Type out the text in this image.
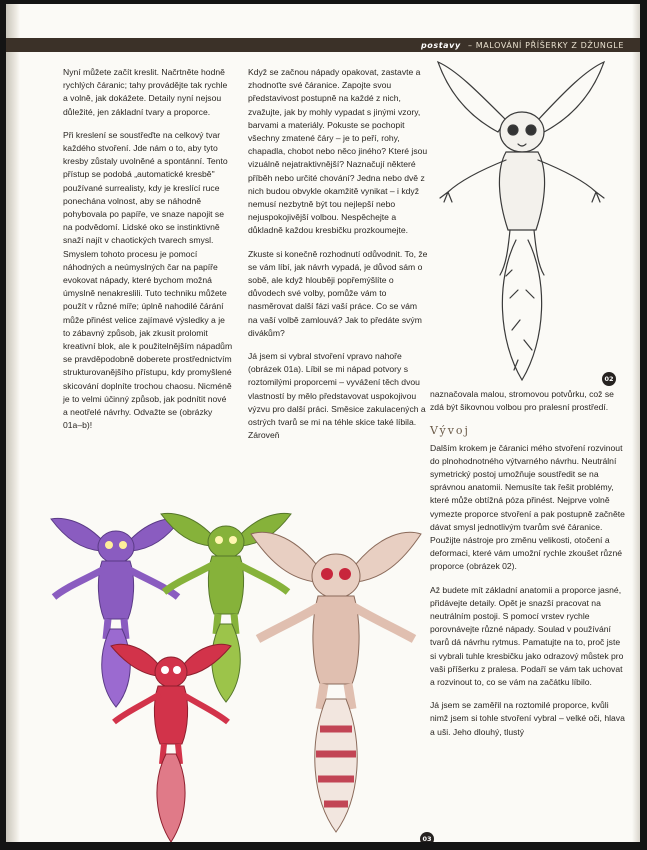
postavy – MALOVÁNÍ PŘÍŠERKY Z DŽUNGLE

Nyní můžete začít kreslit. Načrtněte hodně rychlých čáranic; tahy provádějte tak rychle a volně, jak dokážete. Detaily nyní nejsou důležité, jen základní tvary a proporce.

Při kreslení se soustřeďte na celkový tvar každého stvoření. Jde nám o to, aby tyto kresby zůstaly uvolněné a spontánní. Tento přístup se podobá „automatické kresbě" používané surrealisty, kdy je kreslící ruce ponechána volnost, aby se náhodně pohybovala po papíře, ve snaze napojit se na podvědomí. Lidské oko se instinktivně snaží najít v chaotických tvarech smysl. Smyslem tohoto procesu je pomocí náhodných a neúmyslných čar na papíře evokovat nápady, které bychom možná úmyslně nenakreslili. Tuto techniku můžete použít v různé míře; úplně nahodilé čárání může přinést velice zajímavé výsledky a je to zábavný způsob, jak zkusit prolomit kreativní blok, ale k použitelnějším nápadům se pravděpodobně doberete prostřednictvím strukturovanějšího přístupu, kdy promyšlené skicování doplníte trochou chaosu. Nicméně je to velmi účinný způsob, jak podnítit nové a neotřelé návrhy. Odvažte se (obrázky 01a–b)!

Když se začnou nápady opakovat, zastavte a zhodnoťte své čáranice. Zapojte svou představivost postupně na každé z nich, zvažujte, jak by mohly vypadat s jinými vzory, barvami a materiály. Pokuste se pochopit všechny zmatené čáry – je to peří, rohy, chapadla, chobot nebo něco jiného? Které jsou vizuálně nejatraktivnější? Naznačují některé příběh nebo určité chování? Jedna nebo dvě z nich budou obvykle okamžitě vynikat – i když nemusí nezbytně být tou nejlepší nebo nejuspokojivější volbou. Nespěchejte a důkladně každou kresbičku prozkoumejte.

Zkuste si konečně rozhodnutí odůvodnit. To, že se vám líbí, jak návrh vypadá, je důvod sám o sobě, ale když hlouběji popřemýšlíte o důvodech své volby, pomůže vám to nasměrovat další fázi vaší práce. Co se vám na vaší volbě zamlouvá? Jak to předáte svým divákům?

Já jsem si vybral stvoření vpravo nahoře (obrázek 01a). Líbil se mi nápad potvory s roztomilými proporcemi – vyvážení těch dvou vlastností by mělo představovat uspokojivou výzvu pro další práci. Směsice zakulacených a ostrých tvarů se mi na téhle skice také líbila. Zároveň

naznačovala malou, stromovou potvůrku, což se zdá být šikovnou volbou pro pralesní prostředí.

Vývoj

Dalším krokem je čáranici mého stvoření rozvinout do plnohodnotného výtvarného návrhu. Neutrální symetrický postoj umožňuje soustředit se na správnou anatomii. Nemusíte tak řešit problémy, které může obtížná póza přinést. Nejprve volně vymezte proporce stvoření a pak postupně začněte dávat smysl jednotlivým tvarům své čáranice. Použijte nástroje pro změnu velikosti, otočení a deformaci, které vám umožní rychle zkoušet různé proporce (obrázek 02).

Až budete mít základní anatomii a proporce jasné, přidávejte detaily. Opět je snazší pracovat na neutrálním postoji. S pomocí vrstev rychle porovnávejte různé nápady. Soulad v používání tvarů dá návrhu rytmus. Pamatujte na to, proč jste si vybrali tuhle kresbičku jako odrazový můstek pro vaši příšerku z pralesa. Podaří se vám tak uchovat a rozvinout to, co se vám na začátku líbilo.

Já jsem se zaměřil na roztomilé proporce, kvůli nimž jsem si tohle stvoření vybral – velké oči, hlava a uši. Jeho dlouhý, tlustý

02
03
